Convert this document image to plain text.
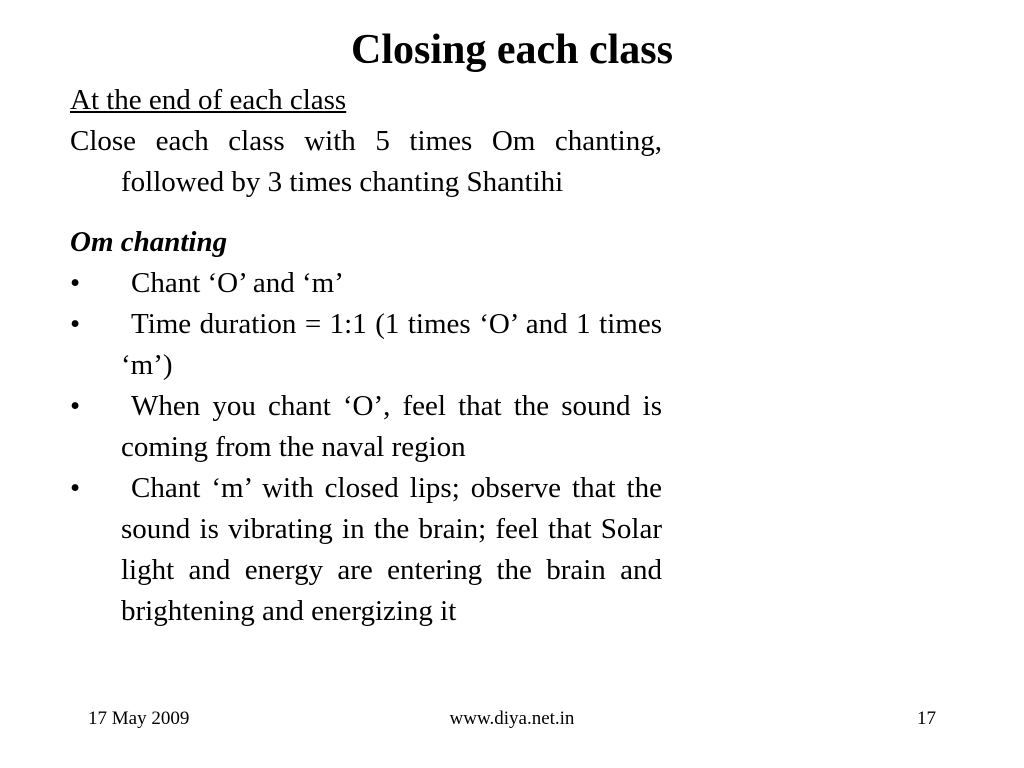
Closing each class

At the end of each class

Close each class with 5 times Om chanting, followed by 3 times chanting Shantihi

Om chanting

• Chant ‘O’ and ‘m’
• Time duration = 1:1 (1 times ‘O’ and 1 times ‘m’)
• When you chant ‘O’, feel that the sound is coming from the naval region
• Chant ‘m’ with closed lips; observe that the sound is vibrating in the brain; feel that Solar light and energy are entering the brain and brightening and energizing it
17 May 2009	www.diya.net.in	17
